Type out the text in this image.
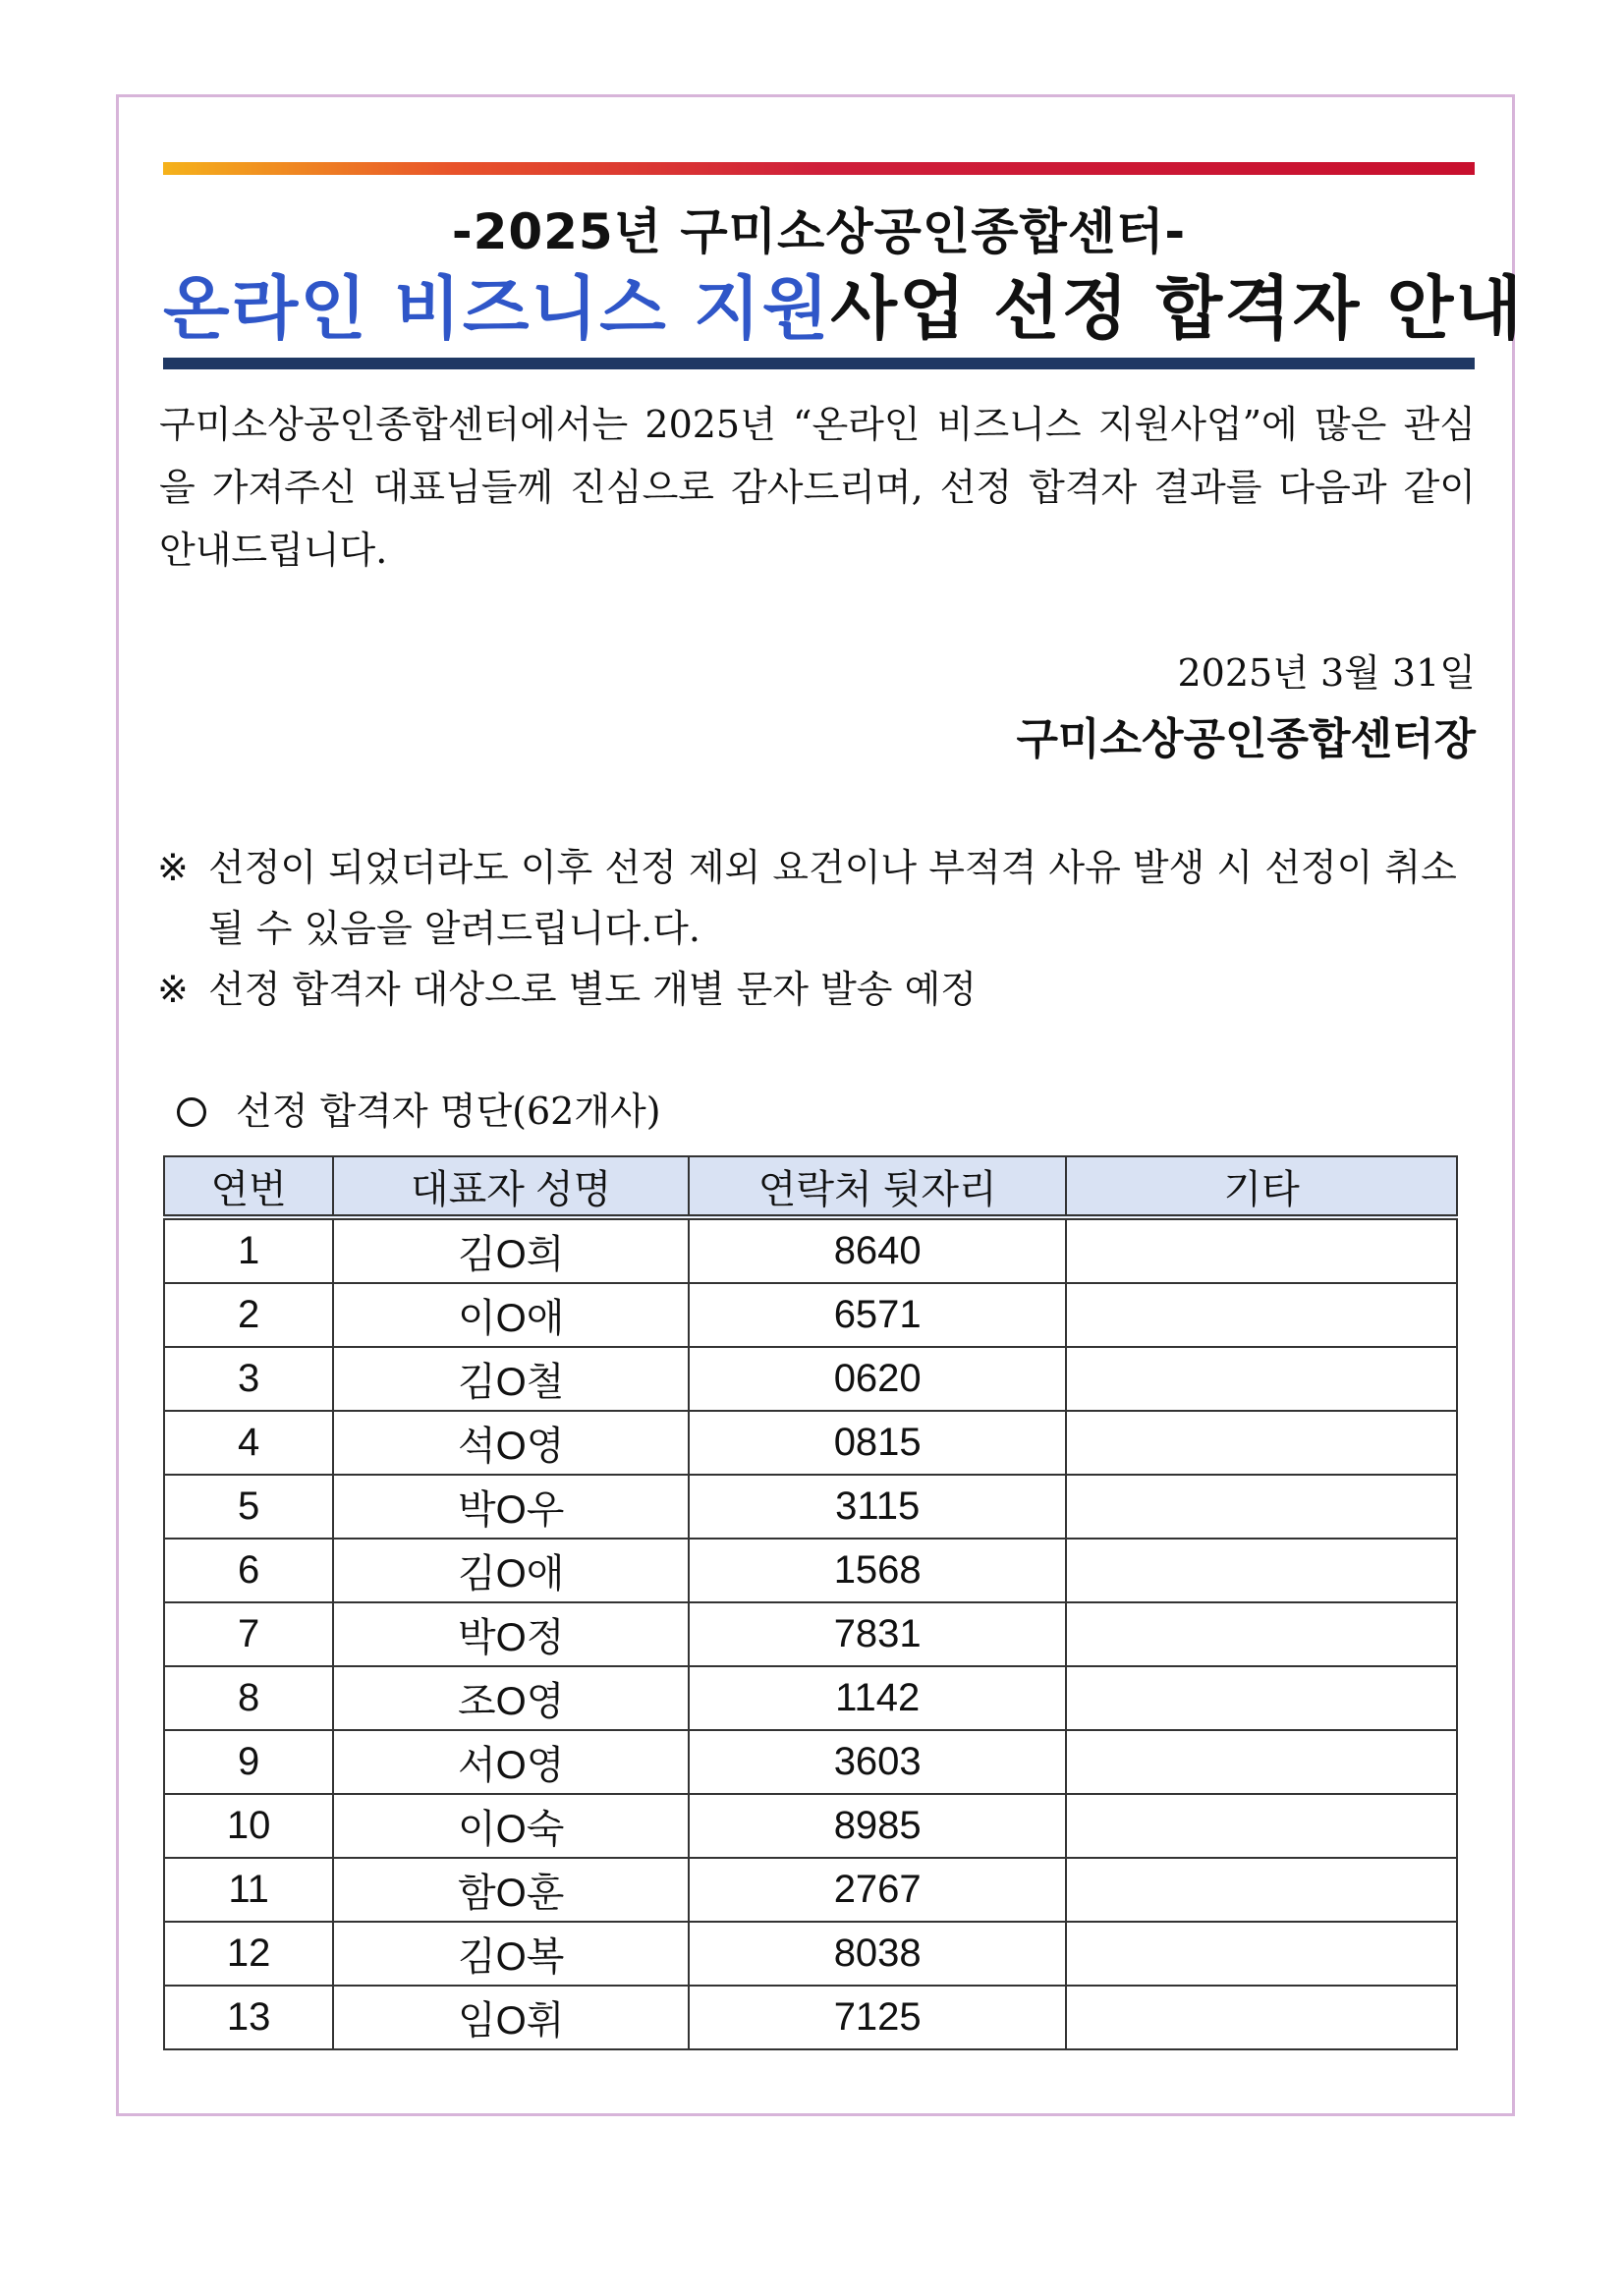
-2025년 구미소상공인종합센터-
온라인 비즈니스 지원사업 선정 합격자 안내
구미소상공인종합센터에서는 2025년 “온라인 비즈니스 지원사업”에 많은 관심을 가져주신 대표님들께 진심으로 감사드리며, 선정 합격자 결과를 다음과 같이 안내드립니다.
2025년 3월 31일
구미소상공인종합센터장
※ 선정이 되었더라도 이후 선정 제외 요건이나 부적격 사유 발생 시 선정이 취소 될 수 있음을 알려드립니다.다.
※ 선정 합격자 대상으로 별도 개별 문자 발송 예정
선정 합격자 명단(62개사)
연번	대표자 성명	연락처 뒷자리	기타
1	김O희	8640	
2	이O애	6571	
3	김O철	0620	
4	석O영	0815	
5	박O우	3115	
6	김O애	1568	
7	박O정	7831	
8	조O영	1142	
9	서O영	3603	
10	이O숙	8985	
11	함O훈	2767	
12	김O복	8038	
13	임O휘	7125	
